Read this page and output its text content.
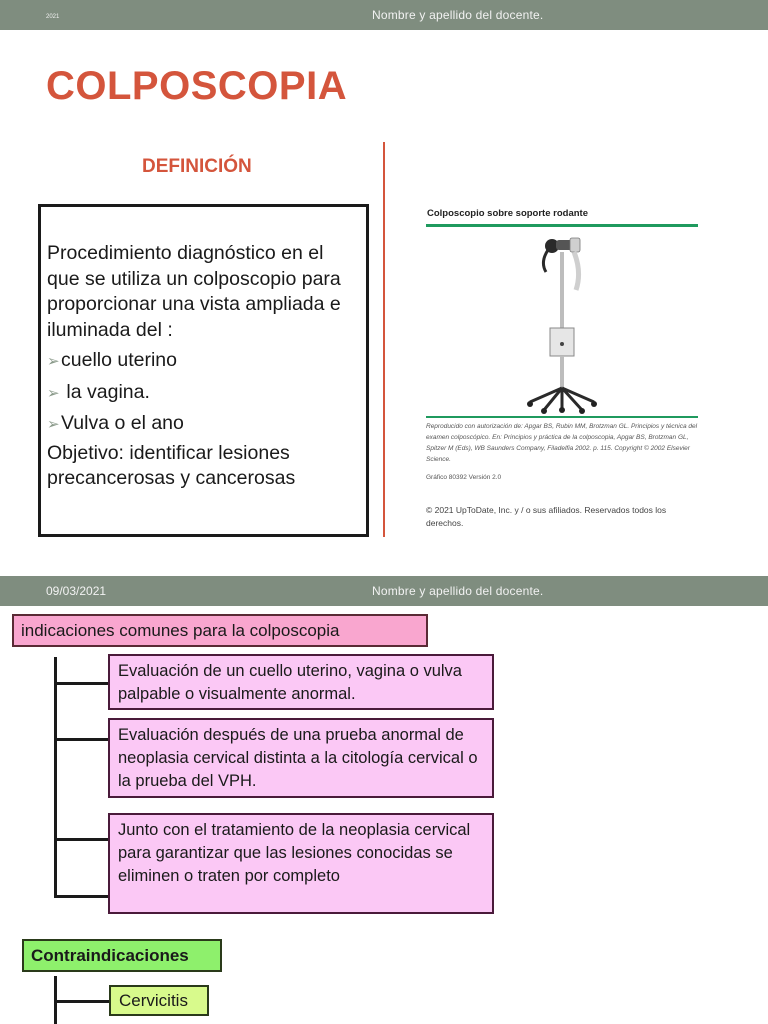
2021	Nombre y apellido del docente.
COLPOSCOPIA
DEFINICIÓN
Procedimiento diagnóstico en el que se utiliza un colposcopio para proporcionar una vista ampliada e iluminada del :
➢ cuello uterino
➢ la vagina.
➢ Vulva o el ano
Objetivo: identificar lesiones precancerosas y cancerosas
Colposcopio sobre soporte rodante
Reproducido con autorización de: Apgar BS, Rubin MM, Brotzman GL. Principios y técnica del examen colposcópico. En: Principios y práctica de la colposcopia, Apgar BS, Brotzman GL, Spitzer M (Eds), WB Saunders Company, Filadelfia 2002. p. 115. Copyright © 2002 Elsevier Science.
Gráfico 80392 Versión 2.0
© 2021 UpToDate, Inc. y / o sus afiliados. Reservados todos los derechos.
09/03/2021	Nombre y apellido del docente.
indicaciones comunes para la colposcopia
Evaluación de un cuello uterino, vagina o vulva palpable o visualmente anormal.
Evaluación después de una prueba anormal de neoplasia cervical distinta a la citología cervical o la prueba del VPH.
Junto con el tratamiento de la neoplasia cervical para garantizar que las lesiones conocidas se eliminen o traten por completo
Contraindicaciones
Cervicitis
